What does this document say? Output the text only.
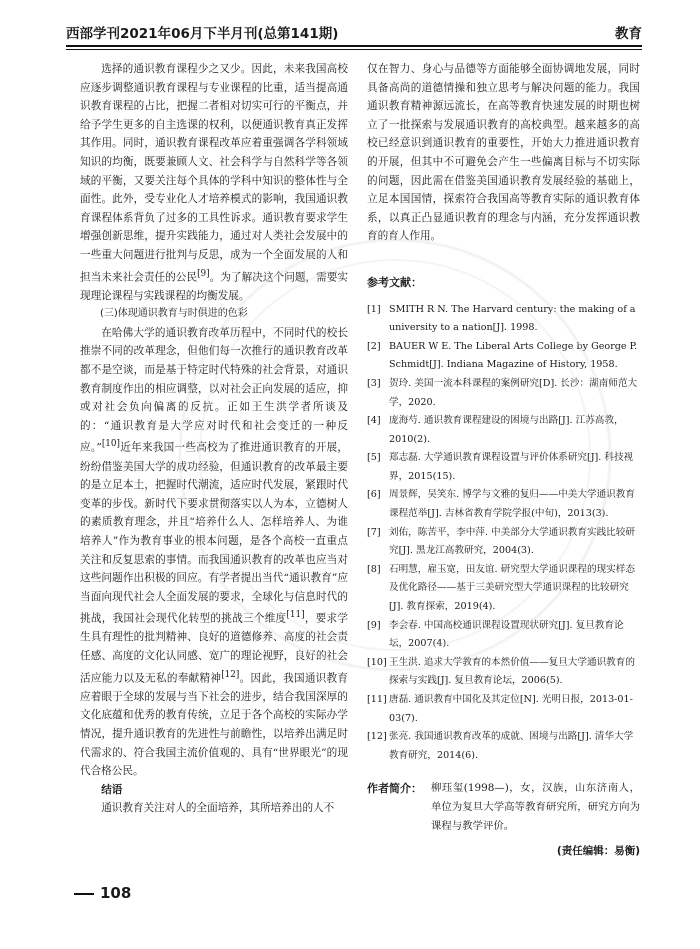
西部学刊2021年06月下半月刊(总第141期)	教育

选择的通识教育课程少之又少。因此，未来我国高校应逐步调整通识教育课程与专业课程的比重，适当提高通识教育课程的占比，把握二者相对切实可行的平衡点，并给予学生更多的自主选课的权利，以便通识教育真正发挥其作用。同时，通识教育课程改革应着重强调各学科领域知识的均衡，既要兼顾人文、社会科学与自然科学等各领域的平衡，又要关注每个具体的学科中知识的整体性与全面性。此外，受专业化人才培养模式的影响，我国通识教育课程体系背负了过多的工具性诉求。通识教育要求学生增强创新思维，提升实践能力，通过对人类社会发展中的一些重大问题进行批判与反思，成为一个全面发展的人和担当未来社会责任的公民[9]。为了解决这个问题，需要实现理论课程与实践课程的均衡发展。

(三)体现通识教育与时俱进的色彩

在哈佛大学的通识教育改革历程中，不同时代的校长推崇不同的改革理念，但他们每一次推行的通识教育改革都不是空谈，而是基于特定时代特殊的社会背景，对通识教育制度作出的相应调整，以对社会正向发展的适应，抑或对社会负向偏离的反抗。正如王生洪学者所谈及的：“通识教育是大学应对时代和社会变迁的一种反应。”[10]近年来我国一些高校为了推进通识教育的开展，纷纷借鉴美国大学的成功经验，但通识教育的改革最主要的是立足本土，把握时代潮流，适应时代发展，紧跟时代变革的步伐。新时代下要求贯彻落实以人为本，立德树人的素质教育理念，并且“培养什么人、怎样培养人、为谁培养人”作为教育事业的根本问题，是各个高校一直重点关注和反复思索的事情。而我国通识教育的改革也应当对这些问题作出积极的回应。有学者提出当代“通识教育”应当面向现代社会人全面发展的要求，全球化与信息时代的挑战，我国社会现代化转型的挑战三个维度[11]，要求学生具有理性的批判精神、良好的道德修养、高度的社会责任感、高度的文化认同感、宽广的理论视野，良好的社会活应能力以及无私的奉献精神[12]。因此，我国通识教育应着眼于全球的发展与当下社会的进步，结合我国深厚的文化底蕴和优秀的教育传统，立足于各个高校的实际办学情况，提升通识教育的先进性与前瞻性，以培养出满足时代需求的、符合我国主流价值观的、具有“世界眼光”的现代合格公民。

结语

通识教育关注对人的全面培养，其所培养出的人不

仅在智力、身心与品德等方面能够全面协调地发展，同时具备高尚的道德情操和独立思考与解决问题的能力。我国通识教育精神源远流长，在高等教育快速发展的时期也树立了一批探索与发展通识教育的高校典型。越来越多的高校已经意识到通识教育的重要性，开始大力推进通识教育的开展，但其中不可避免会产生一些偏离目标与不切实际的问题，因此需在借鉴美国通识教育发展经验的基础上，立足本国国情，探索符合我国高等教育实际的通识教育体系，以真正凸显通识教育的理念与内涵，充分发挥通识教育的育人作用。

参考文献：
[1] SMITH R N. The Harvard century: the making of a university to a nation[J]. 1998.
[2] BAUER W E. The Liberal Arts College by George P. Schmidt[J]. Indiana Magazine of History, 1958.
[3] 贺玲. 美国一流本科课程的案例研究[D]. 长沙：湖南师范大学，2020.
[4] 庞海芍. 通识教育课程建设的困境与出路[J]. 江苏高教，2010(2).
[5] 郑志磊. 大学通识教育课程设置与评价体系研究[J]. 科技视界，2015(15).
[6] 周景辉，吴笑东. 博学与文雅的复归——中美大学通识教育课程范举[J]. 吉林省教育学院学报(中旬)，2013(3).
[7] 刘佑，陈苦平，李中萍. 中美部分大学通识教育实践比较研究[J]. 黑龙江高教研究，2004(3).
[8] 石明慧，雇玉宽，田友谊. 研究型大学通识课程的现实样态及优化路径——基于三美研究型大学通识课程的比较研究[J]. 教育探索，2019(4).
[9] 李会春. 中国高校通识课程设置现状研究[J]. 复旦教育论坛，2007(4).
[10] 王生洪. 追求大学教育的本然价值——复旦大学通识教育的探索与实践[J]. 复旦教育论坛，2006(5).
[11] 唐磊. 通识教育中国化及其定位[N]. 光明日报，2013-01-03(7).
[12] 张亮. 我国通识教育改革的成就、困境与出路[J]. 清华大学教育研究，2014(6).
作者简介： 柳珏玺(1998—)，女，汉族，山东济南人，单位为复旦大学高等教育研究所，研究方向为课程与教学评价。
(责任编辑：易衡)
108
